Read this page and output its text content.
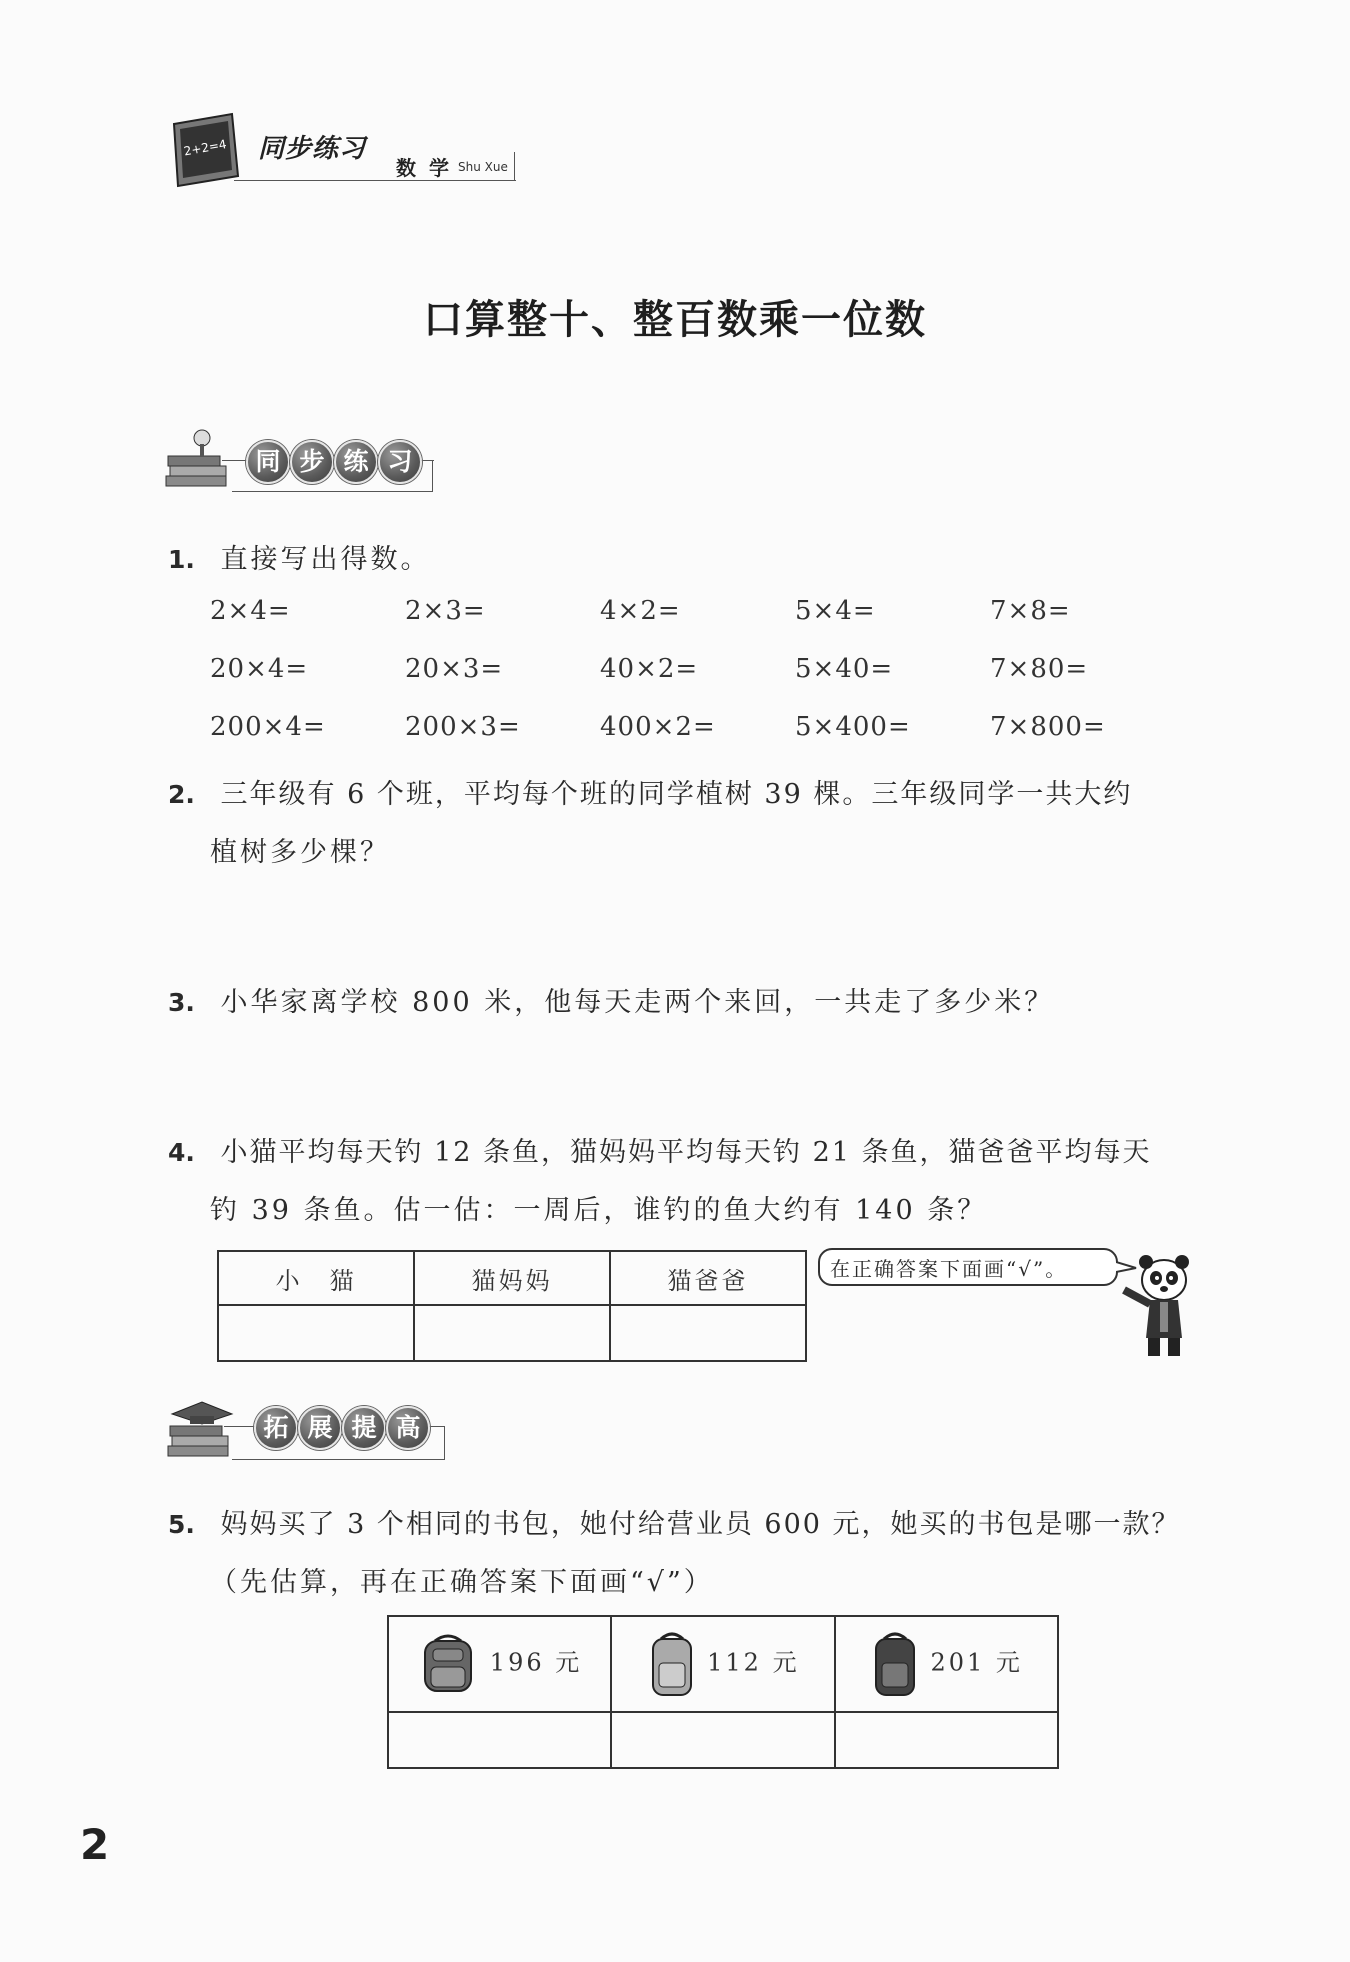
2+2=4 同步练习
数 学 Shu Xue
口算整十、整百数乘一位数
同 步 练 习
1. 直接写出得数。
2×4=	2×3=	4×2=	5×4=	7×8=
20×4=	20×3=	40×2=	5×40=	7×80=
200×4=	200×3=	400×2=	5×400=	7×800=
2. 三年级有 6 个班，平均每个班的同学植树 39 棵。三年级同学一共大约
植树多少棵？
3. 小华家离学校 800 米，他每天走两个来回，一共走了多少米？
4. 小猫平均每天钓 12 条鱼，猫妈妈平均每天钓 21 条鱼，猫爸爸平均每天
钓 39 条鱼。估一估：一周后，谁钓的鱼大约有 140 条？
小　猫	猫妈妈	猫爸爸
			在正确答案下面画“√”。
拓 展 提 高
5. 妈妈买了 3 个相同的书包，她付给营业员 600 元，她买的书包是哪一款？
（先估算，再在正确答案下面画“√”）
196 元	112 元	201 元

2
